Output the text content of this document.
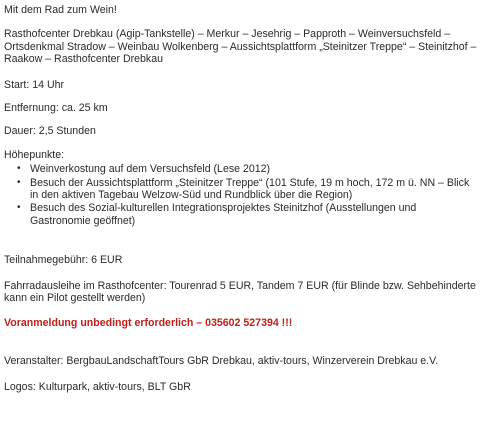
Mit dem Rad zum Wein!

Rasthofcenter Drebkau (Agip-Tankstelle) – Merkur – Jesehrig – Papproth – Weinversuchsfeld – Ortsdenkmal Stradow – Weinbau Wolkenberg – Aussichtsplattform „Steinitzer Treppe“ – Steinitzhof – Raakow – Rasthofcenter Drebkau

Start: 14 Uhr

Entfernung: ca. 25 km

Dauer: 2,5 Stunden

Höhepunkte:

• Weinverkostung auf dem Versuchsfeld (Lese 2012)
• Besuch der Aussichtsplattform „Steinitzer Treppe“ (101 Stufe, 19 m hoch, 172 m ü. NN – Blick in den aktiven Tagebau Welzow-Süd und Rundblick über die Region)
• Besuch des Sozial-kulturellen Integrationsprojektes Steinitzhof (Ausstellungen und Gastronomie geöffnet)

Teilnahmegebühr: 6 EUR

Fahrradausleihe im Rasthofcenter: Tourenrad 5 EUR, Tandem 7 EUR (für Blinde bzw. Sehbehinderte kann ein Pilot gestellt werden)

Voranmeldung unbedingt erforderlich – 035602 527394 !!!

Veranstalter: BergbauLandschaftTours GbR Drebkau, aktiv-tours, Winzerverein Drebkau e.V.

Logos: Kulturpark, aktiv-tours, BLT GbR
